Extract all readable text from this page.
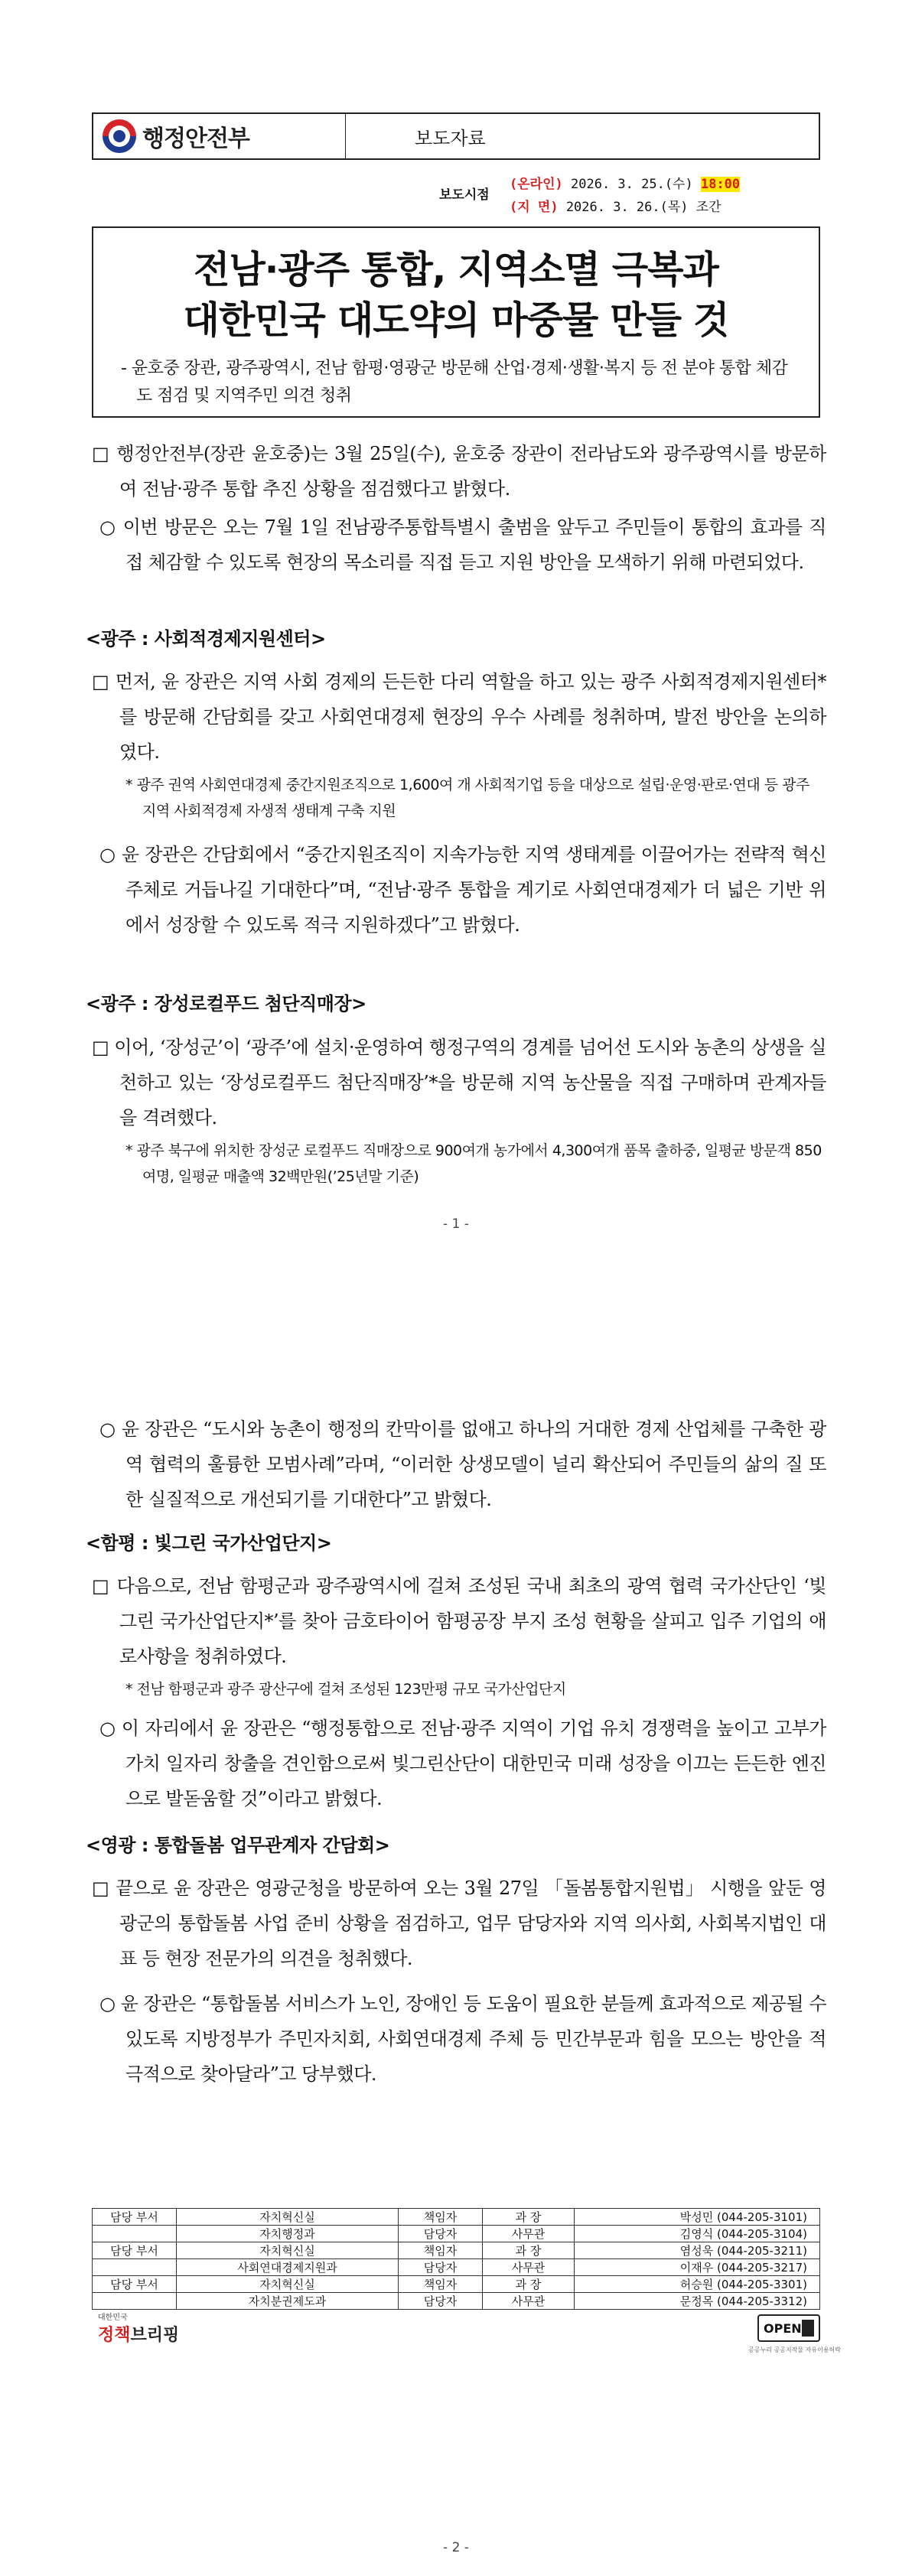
행정안전부	보도자료
보도시점
(온라인) 2026. 3. 25.(수) 18:00
(지 면) 2026. 3. 26.(목) 조간
전남·광주 통합, 지역소멸 극복과
대한민국 대도약의 마중물 만들 것
- 윤호중 장관, 광주광역시, 전남 함평·영광군 방문해 산업·경제·생활·복지 등 전 분야 통합 체감도 점검 및 지역주민 의견 청취
□ 행정안전부(장관 윤호중)는 3월 25일(수), 윤호중 장관이 전라남도와 광주광역시를 방문하여 전남·광주 통합 추진 상황을 점검했다고 밝혔다.
○ 이번 방문은 오는 7월 1일 전남광주통합특별시 출범을 앞두고 주민들이 통합의 효과를 직접 체감할 수 있도록 현장의 목소리를 직접 듣고 지원 방안을 모색하기 위해 마련되었다.
<광주 : 사회적경제지원센터>
□ 먼저, 윤 장관은 지역 사회 경제의 든든한 다리 역할을 하고 있는 광주 사회적경제지원센터*를 방문해 간담회를 갖고 사회연대경제 현장의 우수 사례를 청취하며, 발전 방안을 논의하였다.
* 광주 권역 사회연대경제 중간지원조직으로 1,600여 개 사회적기업 등을 대상으로 설립·운영·판로·연대 등 광주 지역 사회적경제 자생적 생태계 구축 지원
○ 윤 장관은 간담회에서 “중간지원조직이 지속가능한 지역 생태계를 이끌어가는 전략적 혁신 주체로 거듭나길 기대한다”며, “전남·광주 통합을 계기로 사회연대경제가 더 넓은 기반 위에서 성장할 수 있도록 적극 지원하겠다”고 밝혔다.
<광주 : 장성로컬푸드 첨단직매장>
□ 이어, ‘장성군’이 ‘광주’에 설치·운영하여 행정구역의 경계를 넘어선 도시와 농촌의 상생을 실천하고 있는 ‘장성로컬푸드 첨단직매장’*을 방문해 지역 농산물을 직접 구매하며 관계자들을 격려했다.
* 광주 북구에 위치한 장성군 로컬푸드 직매장으로 900여개 농가에서 4,300여개 품목 출하중, 일평균 방문객 850여명, 일평균 매출액 32백만원(’25년말 기준)
- 1 -
○ 윤 장관은 “도시와 농촌이 행정의 칸막이를 없애고 하나의 거대한 경제 산업체를 구축한 광역 협력의 훌륭한 모범사례”라며, “이러한 상생모델이 널리 확산되어 주민들의 삶의 질 또한 실질적으로 개선되기를 기대한다”고 밝혔다.
<함평 : 빛그린 국가산업단지>
□ 다음으로, 전남 함평군과 광주광역시에 걸쳐 조성된 국내 최초의 광역 협력 국가산단인 ‘빛그린 국가산업단지*’를 찾아 금호타이어 함평공장 부지 조성 현황을 살피고 입주 기업의 애로사항을 청취하였다.
* 전남 함평군과 광주 광산구에 걸쳐 조성된 123만평 규모 국가산업단지
○ 이 자리에서 윤 장관은 “행정통합으로 전남·광주 지역이 기업 유치 경쟁력을 높이고 고부가가치 일자리 창출을 견인함으로써 빛그린산단이 대한민국 미래 성장을 이끄는 든든한 엔진으로 발돋움할 것”이라고 밝혔다.
<영광 : 통합돌봄 업무관계자 간담회>
□ 끝으로 윤 장관은 영광군청을 방문하여 오는 3월 27일 「돌봄통합지원법」 시행을 앞둔 영광군의 통합돌봄 사업 준비 상황을 점검하고, 업무 담당자와 지역 의사회, 사회복지법인 대표 등 현장 전문가의 의견을 청취했다.
○ 윤 장관은 “통합돌봄 서비스가 노인, 장애인 등 도움이 필요한 분들께 효과적으로 제공될 수 있도록 지방정부가 주민자치회, 사회연대경제 주체 등 민간부문과 힘을 모으는 방안을 적극적으로 찾아달라”고 당부했다.
담당 부서	자치혁신실	책임자	과 장	박성민 (044-205-3101)
	자치행정과	담당자	사무관	김영식 (044-205-3104)
담당 부서	자치혁신실	책임자	과 장	염성욱 (044-205-3211)
	사회연대경제지원과	담당자	사무관	이재우 (044-205-3217)
담당 부서	자치혁신실	책임자	과 장	허승원 (044-205-3301)
	자치분권제도과	담당자	사무관	문정목 (044-205-3312)
대한민국
정책브리핑	OPEN
공공누리 공공저작물 자유이용허락
- 2 -
